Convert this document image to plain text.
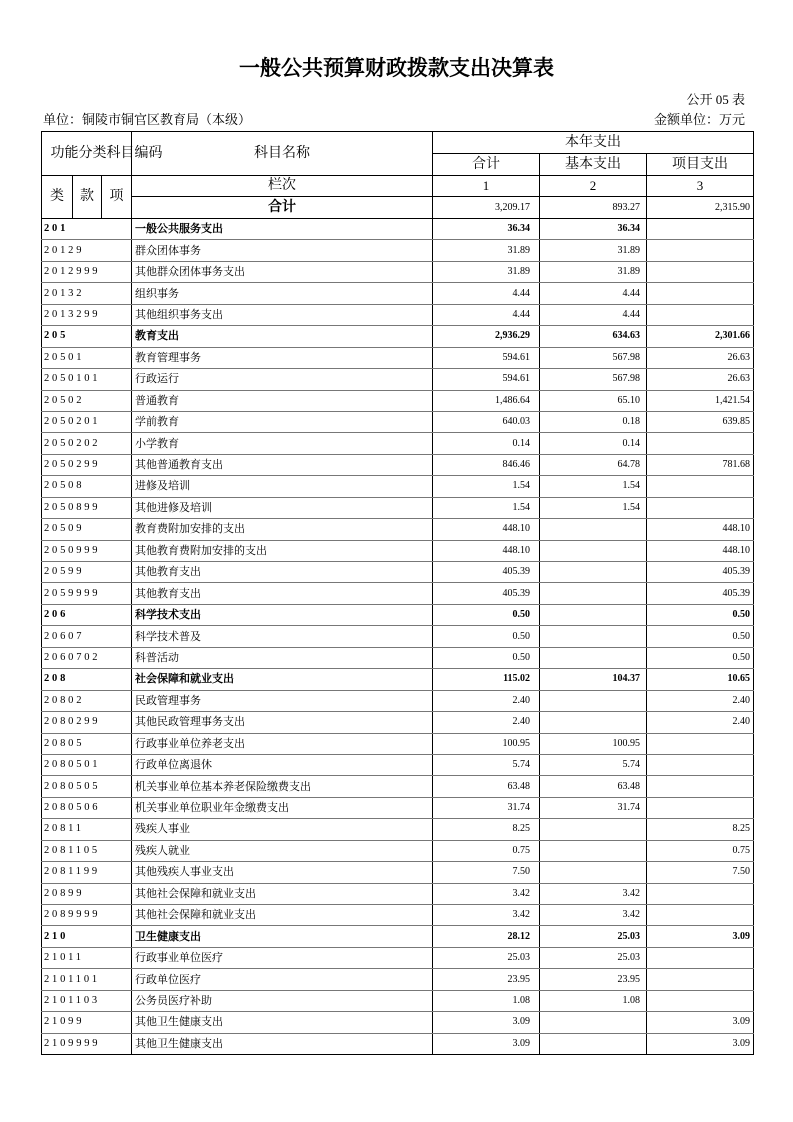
一般公共预算财政拨款支出决算表
公开 05 表
单位：铜陵市铜官区教育局（本级）	金额单位：万元
功能分类科目编码			科目名称	本年支出		
				合计	基本支出	项目支出
类	款	项	栏次	1	2	3
			合计	3,209.17	893.27	2,315.90
201			一般公共服务支出	36.34	36.34	
20129			群众团体事务	31.89	31.89	
2012999			其他群众团体事务支出	31.89	31.89	
20132			组织事务	4.44	4.44	
2013299			其他组织事务支出	4.44	4.44	
205			教育支出	2,936.29	634.63	2,301.66
20501			教育管理事务	594.61	567.98	26.63
2050101			行政运行	594.61	567.98	26.63
20502			普通教育	1,486.64	65.10	1,421.54
2050201			学前教育	640.03	0.18	639.85
2050202			小学教育	0.14	0.14	
2050299			其他普通教育支出	846.46	64.78	781.68
20508			进修及培训	1.54	1.54	
2050899			其他进修及培训	1.54	1.54	
20509			教育费附加安排的支出	448.10		448.10
2050999			其他教育费附加安排的支出	448.10		448.10
20599			其他教育支出	405.39		405.39
2059999			其他教育支出	405.39		405.39
206			科学技术支出	0.50		0.50
20607			科学技术普及	0.50		0.50
2060702			科普活动	0.50		0.50
208			社会保障和就业支出	115.02	104.37	10.65
20802			民政管理事务	2.40		2.40
2080299			其他民政管理事务支出	2.40		2.40
20805			行政事业单位养老支出	100.95	100.95	
2080501			行政单位离退休	5.74	5.74	
2080505			机关事业单位基本养老保险缴费支出	63.48	63.48	
2080506			机关事业单位职业年金缴费支出	31.74	31.74	
20811			残疾人事业	8.25		8.25
2081105			残疾人就业	0.75		0.75
2081199			其他残疾人事业支出	7.50		7.50
20899			其他社会保障和就业支出	3.42	3.42	
2089999			其他社会保障和就业支出	3.42	3.42	
210			卫生健康支出	28.12	25.03	3.09
21011			行政事业单位医疗	25.03	25.03	
2101101			行政单位医疗	23.95	23.95	
2101103			公务员医疗补助	1.08	1.08	
21099			其他卫生健康支出	3.09		3.09
2109999			其他卫生健康支出	3.09		3.09
